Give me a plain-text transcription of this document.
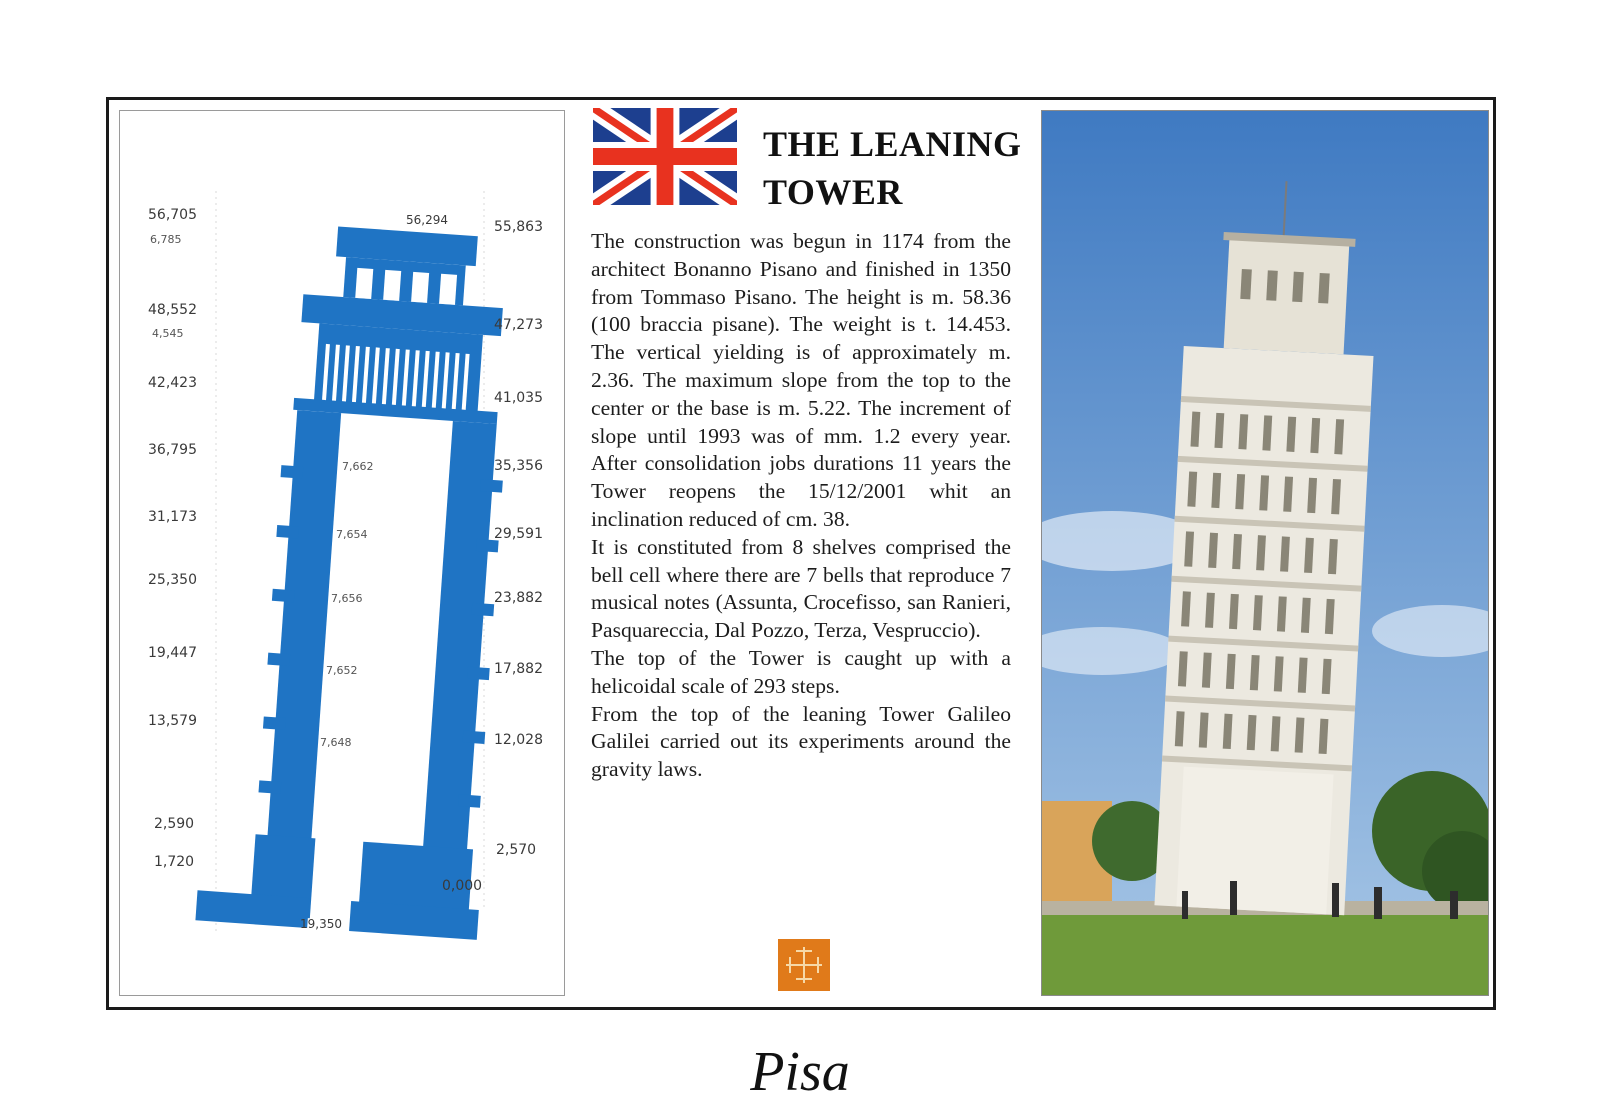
56,705
6,785
48,552
4,545
42,423
36,795
31,173
25,350
19,447
13,579
2,590
1,720
55,863
47,273
41,035
35,356
29,591
23,882
17,882
12,028
2,570
56,294
0,000
7,662
7,654
7,656
7,652
7,648
19,350
THE LEANING
TOWER

The construction was begun in 1174 from the architect Bonanno Pisano and finished in 1350 from Tommaso Pisano. The height is m. 58.36 (100 braccia pisane). The weight is t. 14.453. The vertical yielding is of approximately m. 2.36. The maximum slope from the top to the center or the base is m. 5.22. The increment of slope until 1993 was of mm. 1.2 every year. After consolidation jobs durations 11 years the Tower reopens the 15/12/2001 whit an inclination reduced of cm. 38.

It is constituted from 8 shelves comprised the bell cell where there are 7 bells that reproduce 7 musical notes (Assunta, Crocefisso, san Ranieri, Pasquareccia, Dal Pozzo, Terza, Vespruccio).

The top of the Tower is caught up with a helicoidal scale of 293 steps.

From the top of the leaning Tower Galileo Galilei carried out its experiments around the gravity laws.

Pisa
